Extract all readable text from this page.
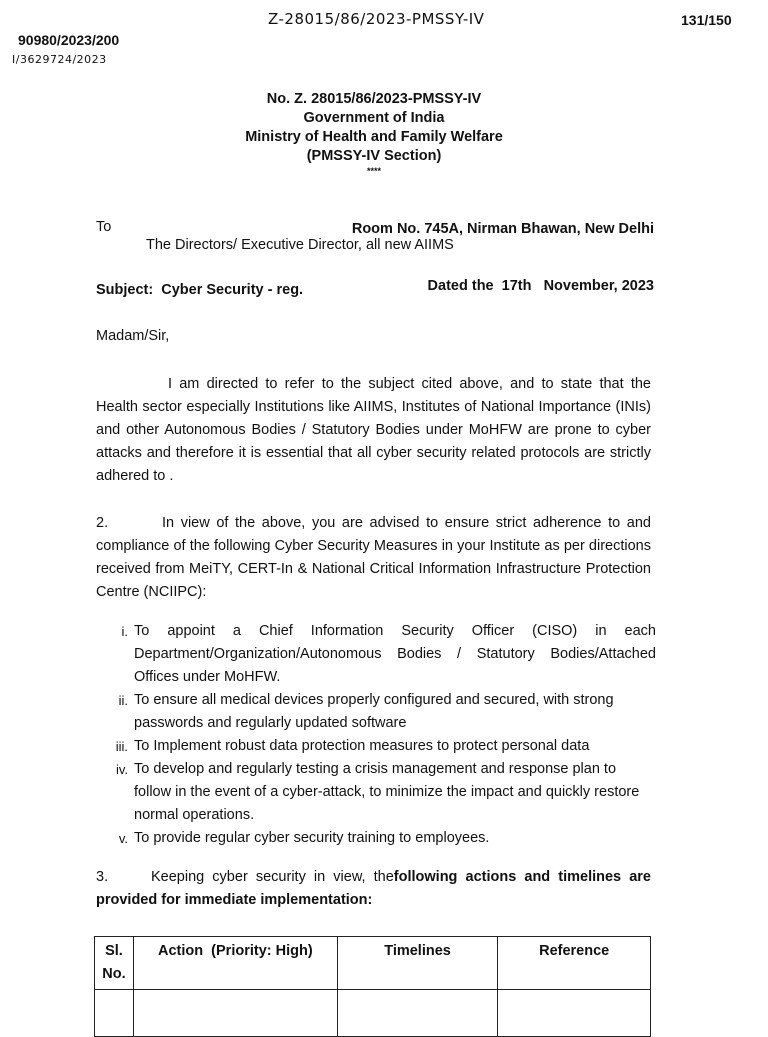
Z-28015/86/2023-PMSSY-IV	131/150
90980/2023/200
I/3629724/2023
No. Z. 28015/86/2023-PMSSY-IV
Government of India
Ministry of Health and Family Welfare
(PMSSY-IV Section)
****

Room No. 745A, Nirman Bhawan, New Delhi

Dated the  17th   November, 2023

To
The Directors/ Executive Director, all new AIIMS
Subject:  Cyber Security - reg.
Madam/Sir,
I am directed to refer to the subject cited above, and to state that the Health sector especially Institutions like AIIMS, Institutes of National Importance (INIs) and other Autonomous Bodies / Statutory Bodies under MoHFW are prone to cyber attacks and therefore it is essential that all cyber security related protocols are strictly adhered to .
2.	In view of the above, you are advised to ensure strict adherence to and compliance of the following Cyber Security Measures in your Institute as per directions received from MeiTY, CERT-In & National Critical Information Infrastructure Protection Centre (NCIIPC):
i. To appoint a Chief Information Security Officer (CISO) in each Department/Organization/Autonomous Bodies / Statutory Bodies/Attached Offices under MoHFW.
ii. To ensure all medical devices properly configured and secured, with strong passwords and regularly updated software
iii. To Implement robust data protection measures to protect personal data
iv. To develop and regularly testing a crisis management and response plan to follow in the event of a cyber-attack, to minimize the impact and quickly restore normal operations.
v. To provide regular cyber security training to employees.
3.	Keeping cyber security in view, thefollowing actions and timelines are provided for immediate implementation:
Sl. No.	Action  (Priority: High)	Timelines	Reference
